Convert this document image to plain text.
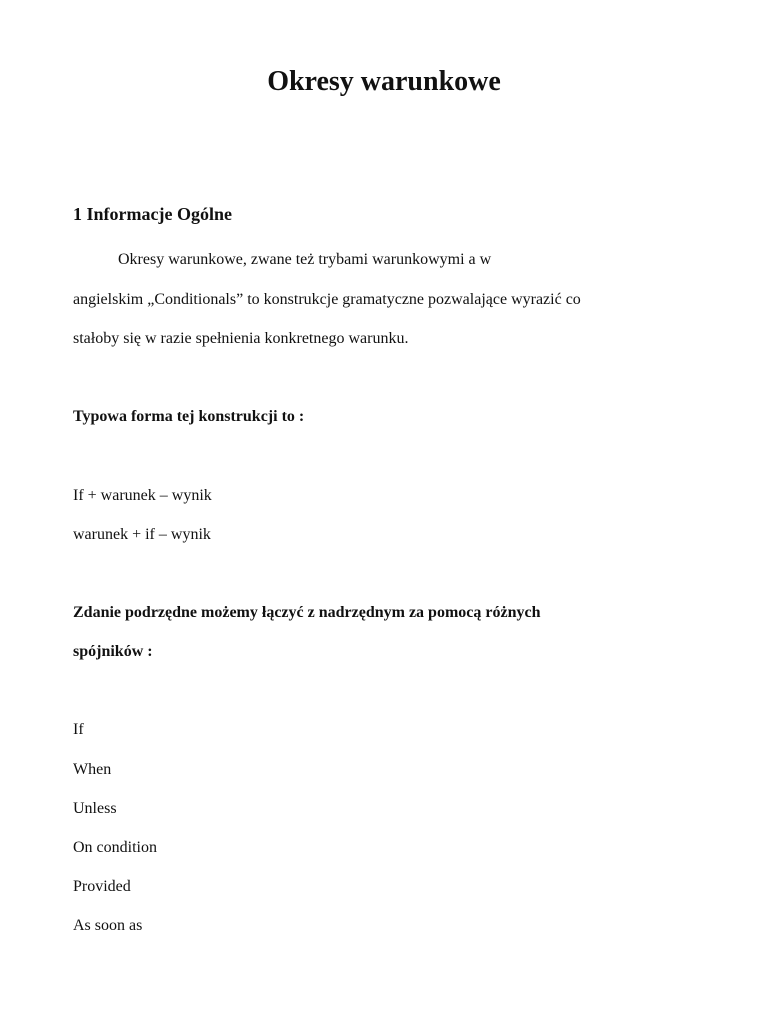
Okresy warunkowe
1 Informacje Ogólne

Okresy warunkowe, zwane też trybami warunkowymi a w

angielskim „Conditionals” to konstrukcje gramatyczne pozwalające wyrazić co

stałoby się w razie spełnienia konkretnego warunku.

Typowa forma tej konstrukcji to :

If + warunek – wynik

warunek + if – wynik

Zdanie podrzędne możemy łączyć z nadrzędnym za pomocą różnych

spójników :

If

When

Unless

On condition

Provided

As soon as
